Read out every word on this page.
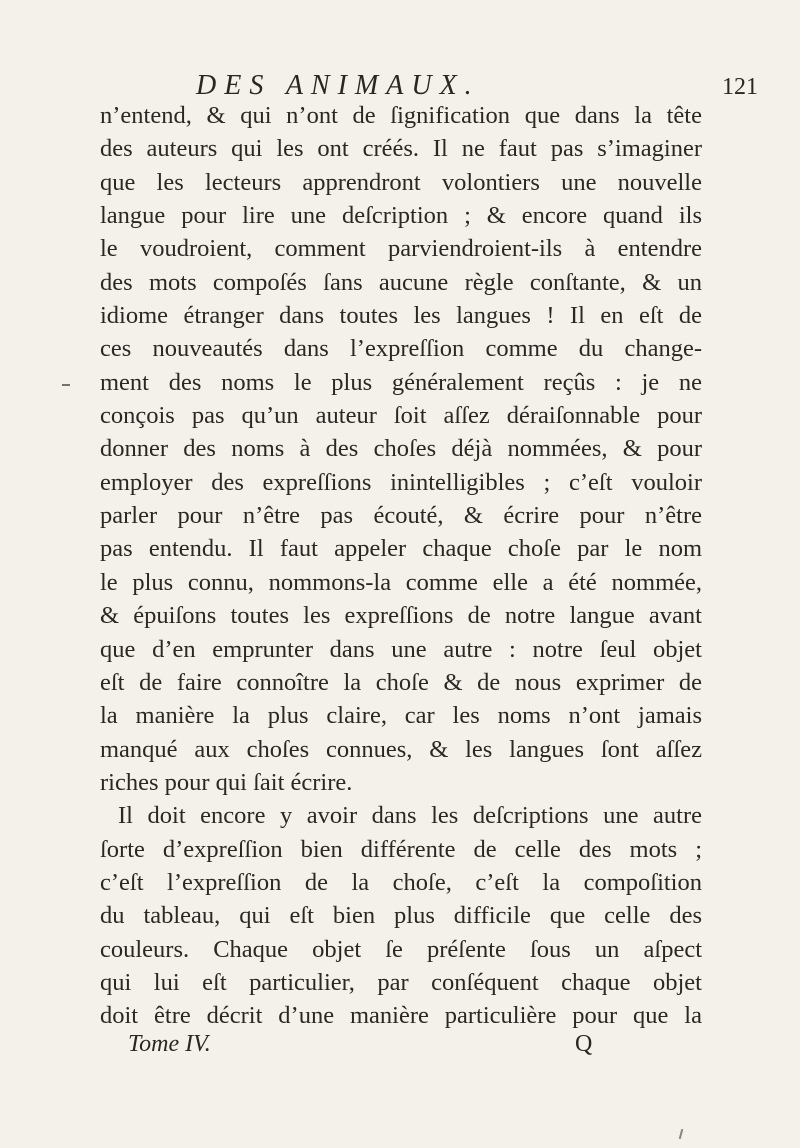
DES ANIMAUX.	121
n’entend, & qui n’ont de ſignification que dans la tête
des auteurs qui les ont créés. Il ne faut pas s’imaginer
que les lecteurs apprendront volontiers une nouvelle
langue pour lire une deſcription ; & encore quand ils
le voudroient, comment parviendroient-ils à entendre
des mots compoſés ſans aucune règle conſtante, & un
idiome étranger dans toutes les langues ! Il en eſt de
ces nouveautés dans l’expreſſion comme du change-
ment des noms le plus généralement reçûs : je ne
conçois pas qu’un auteur ſoit aſſez déraiſonnable pour
donner des noms à des choſes déjà nommées, & pour
employer des expreſſions inintelligibles ; c’eſt vouloir
parler pour n’être pas écouté, & écrire pour n’être
pas entendu. Il faut appeler chaque choſe par le nom
le plus connu, nommons-la comme elle a été nommée,
& épuiſons toutes les expreſſions de notre langue avant
que d’en emprunter dans une autre : notre ſeul objet
eſt de faire connoître la choſe & de nous exprimer de
la manière la plus claire, car les noms n’ont jamais
manqué aux choſes connues, & les langues ſont aſſez
riches pour qui ſait écrire.
Il doit encore y avoir dans les deſcriptions une autre
ſorte d’expreſſion bien différente de celle des mots ;
c’eſt l’expreſſion de la choſe, c’eſt la compoſition
du tableau, qui eſt bien plus difficile que celle des
couleurs. Chaque objet ſe préſente ſous un aſpect
qui lui eſt particulier, par conſéquent chaque objet
doit être décrit d’une manière particulière pour que la
Tome IV.	Q
